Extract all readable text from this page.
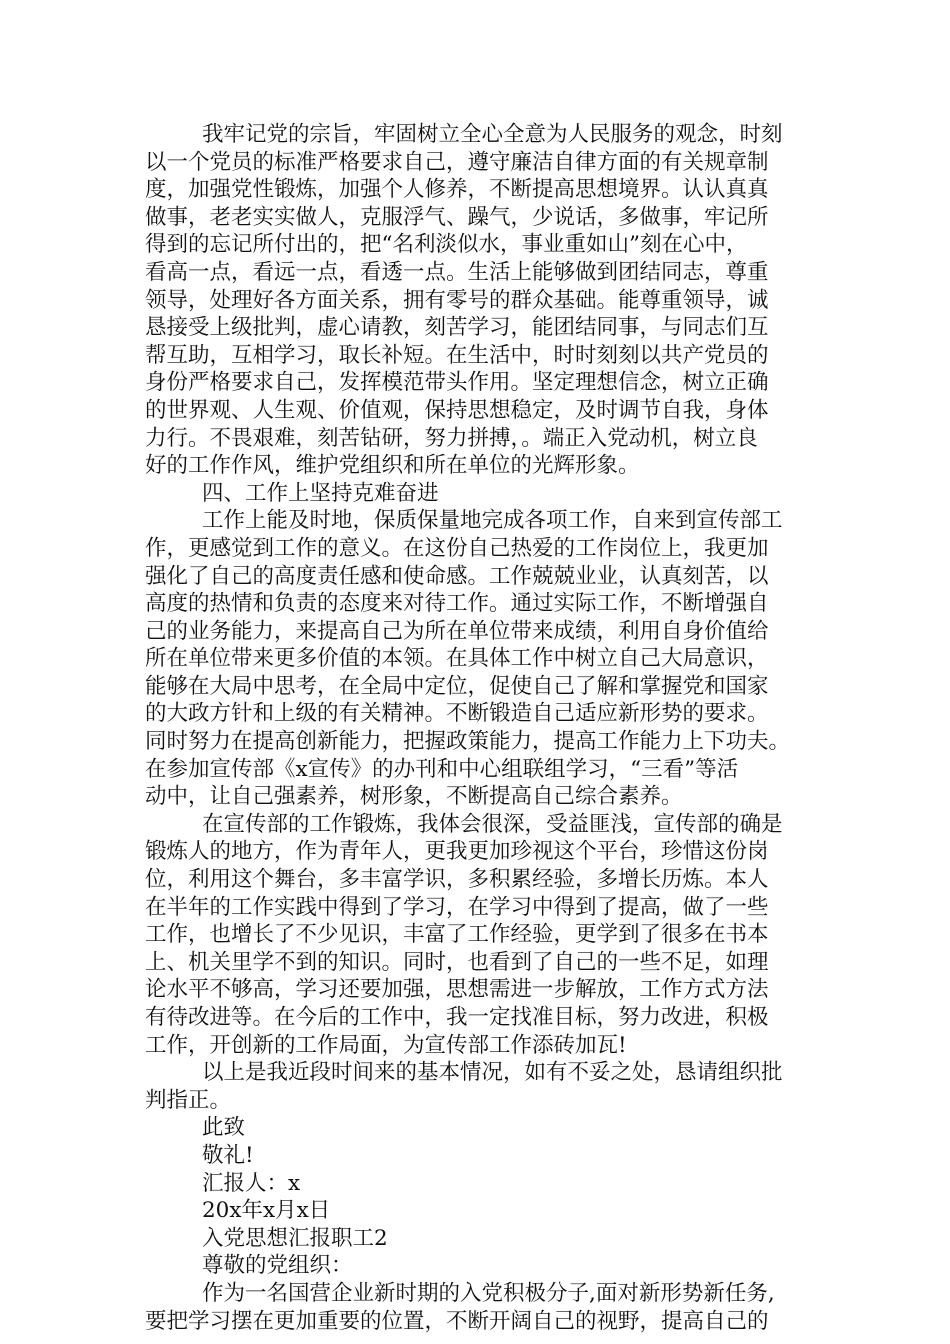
我牢记党的宗旨，牢固树立全心全意为人民服务的观念，时刻
以一个党员的标准严格要求自己，遵守廉洁自律方面的有关规章制
度，加强党性锻炼，加强个人修养，不断提高思想境界。认认真真
做事，老老实实做人，克服浮气、躁气，少说话，多做事，牢记所
得到的忘记所付出的，把“名利淡似水，事业重如山”刻在心中，
看高一点，看远一点，看透一点。生活上能够做到团结同志，尊重
领导，处理好各方面关系，拥有零号的群众基础。能尊重领导，诚
恳接受上级批判，虚心请教，刻苦学习，能团结同事，与同志们互
帮互助，互相学习，取长补短。在生活中，时时刻刻以共产党员的
身份严格要求自己，发挥模范带头作用。坚定理想信念，树立正确
的世界观、人生观、价值观，保持思想稳定，及时调节自我，身体
力行。不畏艰难，刻苦钻研，努力拼搏，。端正入党动机，树立良
好的工作作风，维护党组织和所在单位的光辉形象。
四、工作上坚持克难奋进
工作上能及时地，保质保量地完成各项工作，自来到宣传部工
作，更感觉到工作的意义。在这份自己热爱的工作岗位上，我更加
强化了自己的高度责任感和使命感。工作兢兢业业，认真刻苦，以
高度的热情和负责的态度来对待工作。通过实际工作，不断增强自
己的业务能力，来提高自己为所在单位带来成绩，利用自身价值给
所在单位带来更多价值的本领。在具体工作中树立自己大局意识，
能够在大局中思考，在全局中定位，促使自己了解和掌握党和国家
的大政方针和上级的有关精神。不断锻造自己适应新形势的要求。
同时努力在提高创新能力，把握政策能力，提高工作能力上下功夫。
在参加宣传部《x宣传》的办刊和中心组联组学习，“三看”等活
动中，让自己强素养，树形象，不断提高自己综合素养。
在宣传部的工作锻炼，我体会很深，受益匪浅，宣传部的确是
锻炼人的地方，作为青年人，更我更加珍视这个平台，珍惜这份岗
位，利用这个舞台，多丰富学识，多积累经验，多增长历炼。本人
在半年的工作实践中得到了学习，在学习中得到了提高，做了一些
工作，也增长了不少见识，丰富了工作经验，更学到了很多在书本
上、机关里学不到的知识。同时，也看到了自己的一些不足，如理
论水平不够高，学习还要加强，思想需进一步解放，工作方式方法
有待改进等。在今后的工作中，我一定找准目标，努力改进，积极
工作，开创新的工作局面，为宣传部工作添砖加瓦!
以上是我近段时间来的基本情况，如有不妥之处，恳请组织批
判指正。
此致
敬礼!
汇报人：x
20x年x月x日
入党思想汇报职工2
尊敬的党组织：
作为一名国营企业新时期的入党积极分子,面对新形势新任务,
要把学习摆在更加重要的位置，不断开阔自己的视野，提高自己的
